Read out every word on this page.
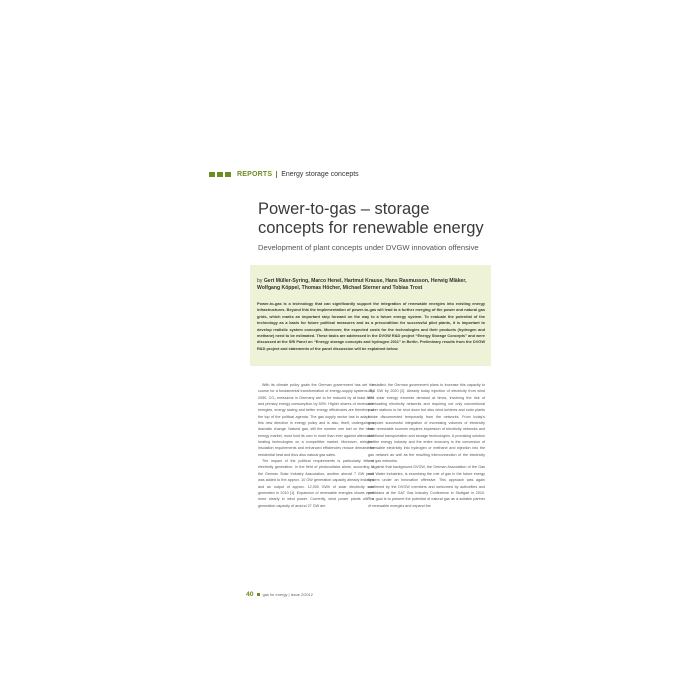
REPORTS Energy storage concepts
Power-to-gas – storage
concepts for renewable energy
Development of plant concepts under DVGW innovation offensive
by Gert Müller-Syring, Marco Henel, Hartmut Krause, Hans Rasmusson, Herwig Mläker,
Wolfgang Köppel, Thomas Höcher, Michael Sterner and Tobias Trost
Power-to-gas is a technology that can significantly support the integration of renewable energies into existing energy infrastructures. Beyond this the implementation of power-to-gas will lead to a further merging of the power and natural gas grids, which marks an important step forward on the way to a future energy system. To evaluate the potential of the technology as a basis for future political measures and as a precondition for successful pilot plants, it is important to develop realistic system concepts. Moreover, the expected costs for the technologies and their products (hydrogen and methane) need to be estimated. These tasks are addressed in the DVGW R&D project “Energy Storage Concepts” and were discussed at the SRI Panel on “Energy storage concepts and hydrogen 2011” in Berlin. Preliminary results from the DVGW R&D project and statements of the panel discussion will be explained below.

With its climate policy goals the German government has set the course for a fundamental transformation of energy-supply systems. By 2050, CO₂ emissions in Germany are to be reduced by at least 80% and primary energy consumption by 50%. Higher shares of renewable energies, energy saving and better energy efficiencies are therefore at the top of the political agenda. The gas supply sector has to adapt to this new direction in energy policy and is also, itself, undergoing a dramatic change. Natural gas, still the number one fuel on the heat-energy market, must hold its own in more than ever against alternative heating technologies on a competitive market. Moreover, stringent insulation requirements and enhanced efficiencies reduce demand for residential heat and thus also natural gas sales.

The impact of the political requirements is particularly felt in electricity generation. In the field of photovoltaics alone, according to the German Solar Industry Association, another almost 7 GW peak was added to the approx. 10 GW generation capacity already installed and an output of approx. 12,000 GWh of solar electricity was generated in 2010 [1]. Expansion of renewable energies shows even more clearly in wind power. Currently, wind power plants with a generation capacity of around 27 GW are

installed; the German government plans to increase this capacity to 45.8 GW by 2020 [2]. Already today injection of electricity from wind and solar energy exceeds demand at times, involving the risk of overloading electricity networks and requiring not only conventional power stations to be shut down but also wind turbines and solar plants to be disconnected temporarily from the networks. From today’s viewpoint successful integration of increasing volumes of electricity from renewable sources requires expansion of electricity networks and additional transportation and storage technologies. A promising solution for the energy industry and the entire economy is the conversion of renewable electricity into hydrogen or methane and injection into the gas network as well as the resulting interconnection of the electricity and gas networks.

Against that background DVGW, the German Association of the Gas and Water Industries, is examining the role of gas in the future energy system under an innovation offensive. This approach was again confirmed by the DVGW members and welcomed by authorities and politicians at the GAT Gas Industry Conference in Stuttgart in 2010. The goal is to present the potential of natural gas as a suitable partner of renewable energies and expand the

40 gas for energy | Issue 2/2012
